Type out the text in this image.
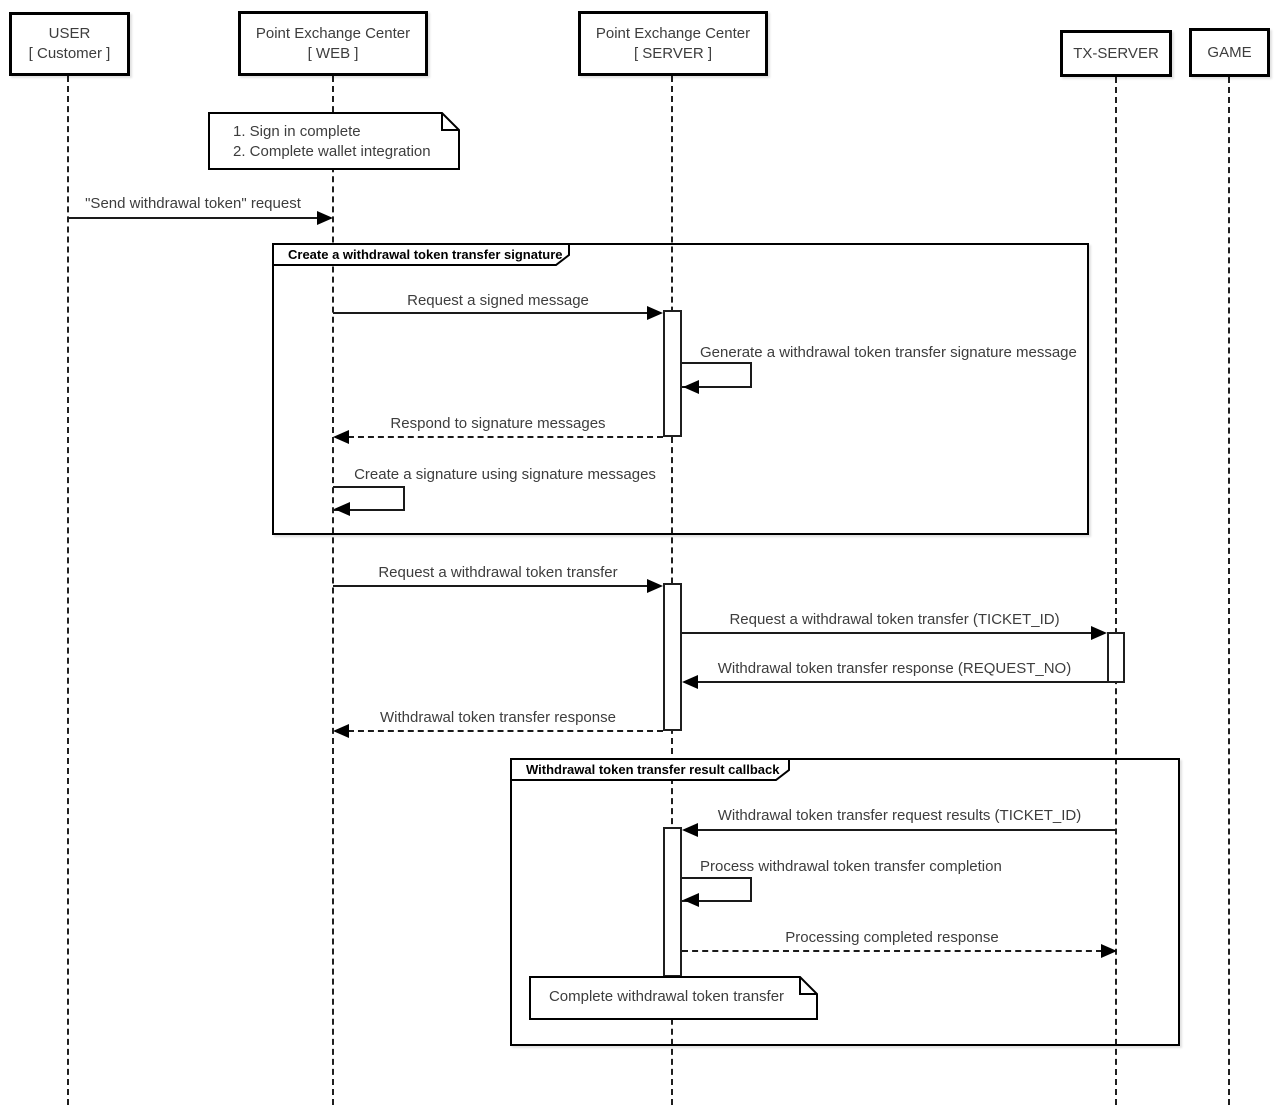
USER
[ Customer ]
Point Exchange Center
[ WEB ]
Point Exchange Center
[ SERVER ]	TX-SERVER	GAME
1. Sign in complete
2. Complete wallet integration
"Send withdrawal token" request
Create a withdrawal token transfer signature
Request a signed message
Generate a withdrawal token transfer signature message
Respond to signature messages
Create a signature using signature messages
Request a withdrawal token transfer
Request a withdrawal token transfer (TICKET_ID)
Withdrawal token transfer response (REQUEST_NO)
Withdrawal token transfer response
Withdrawal token transfer result callback
Withdrawal token transfer request results (TICKET_ID)
Process withdrawal token transfer completion
Processing completed response
Complete withdrawal token transfer
